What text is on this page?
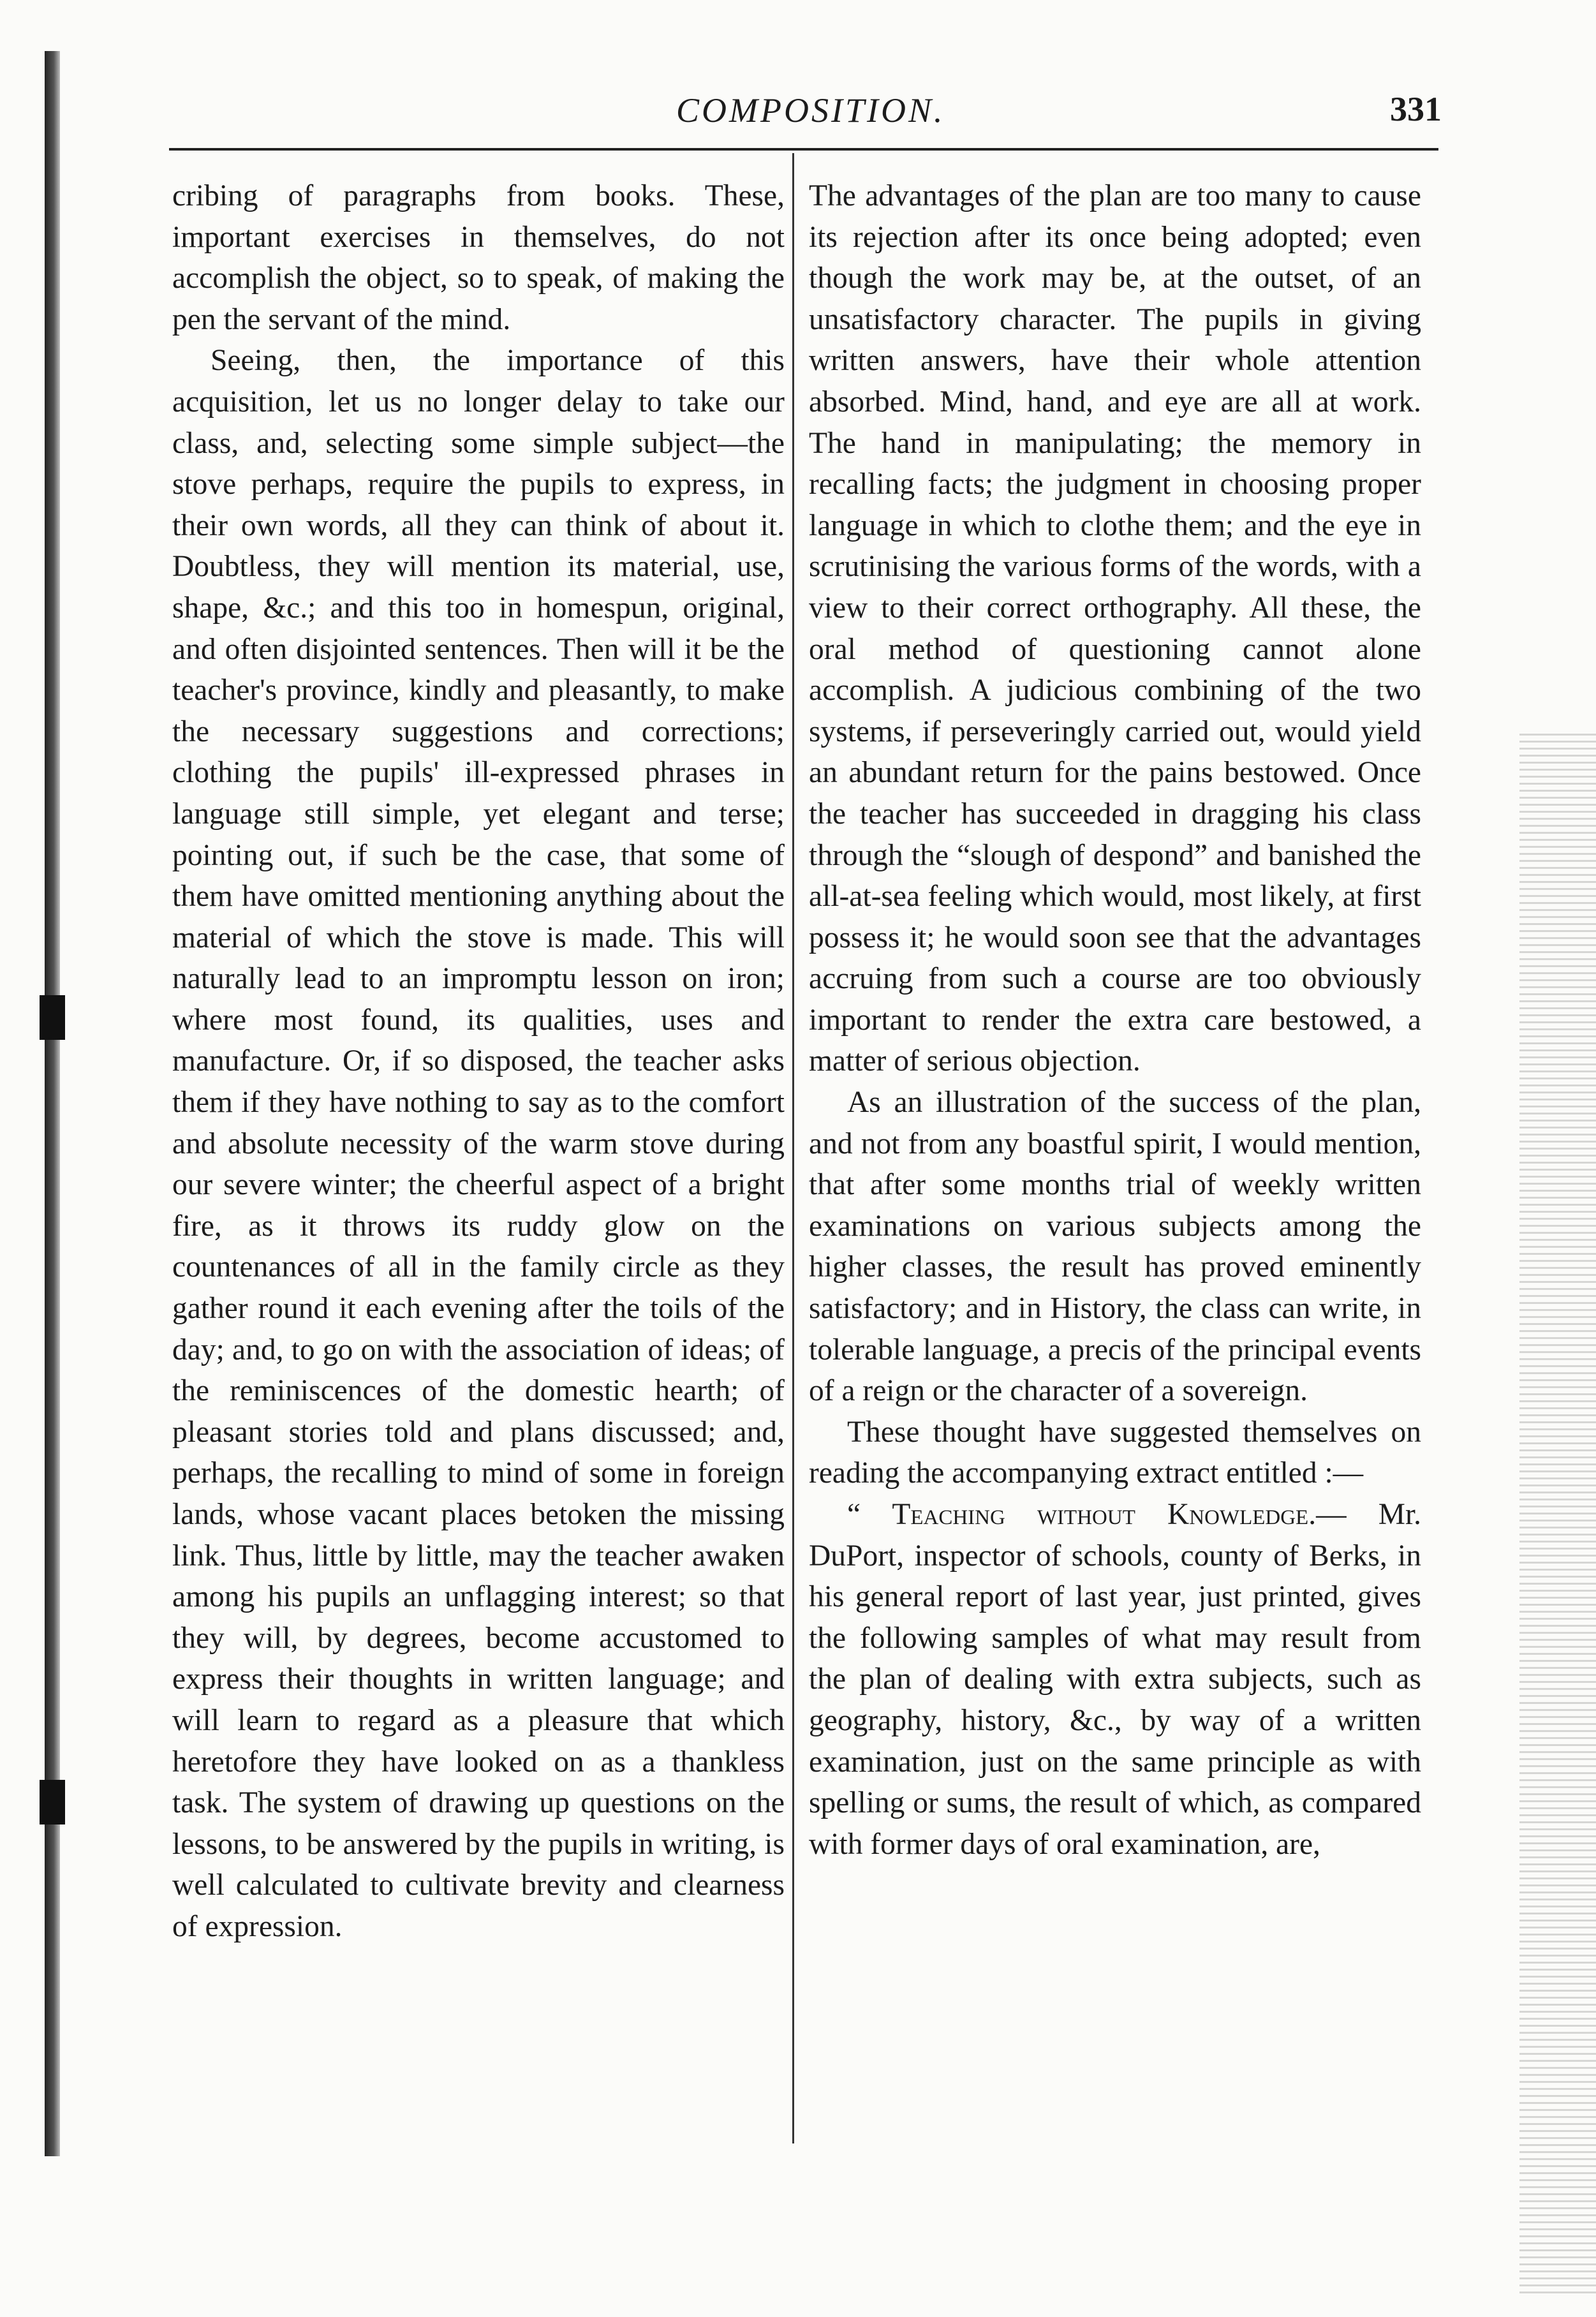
COMPOSITION.	331

cribing of paragraphs from books. These, important exercises in themselves, do not accomplish the object, so to speak, of making the pen the servant of the mind.

Seeing, then, the importance of this acquisition, let us no longer delay to take our class, and, selecting some simple subject—the stove perhaps, require the pupils to express, in their own words, all they can think of about it. Doubtless, they will mention its material, use, shape, &c.; and this too in homespun, original, and often disjointed sentences. Then will it be the teacher's province, kindly and pleasantly, to make the necessary suggestions and corrections; clothing the pupils' ill-expressed phrases in language still simple, yet elegant and terse; pointing out, if such be the case, that some of them have omitted mentioning anything about the material of which the stove is made. This will naturally lead to an impromptu lesson on iron; where most found, its qualities, uses and manufacture. Or, if so disposed, the teacher asks them if they have nothing to say as to the comfort and absolute necessity of the warm stove during our severe winter; the cheerful aspect of a bright fire, as it throws its ruddy glow on the countenances of all in the family circle as they gather round it each evening after the toils of the day; and, to go on with the association of ideas; of the reminiscences of the domestic hearth; of pleasant stories told and plans discussed; and, perhaps, the recalling to mind of some in foreign lands, whose vacant places betoken the missing link. Thus, little by little, may the teacher awaken among his pupils an unflagging interest; so that they will, by degrees, become accustomed to express their thoughts in written language; and will learn to regard as a pleasure that which heretofore they have looked on as a thankless task. The system of drawing up questions on the lessons, to be answered by the pupils in writing, is well calculated to cultivate brevity and clearness of expression.

The advantages of the plan are too many to cause its rejection after its once being adopted; even though the work may be, at the outset, of an unsatisfactory character. The pupils in giving written answers, have their whole attention absorbed. Mind, hand, and eye are all at work. The hand in manipulating; the memory in recalling facts; the judgment in choosing proper language in which to clothe them; and the eye in scrutinising the various forms of the words, with a view to their correct orthography. All these, the oral method of questioning cannot alone accomplish. A judicious combining of the two systems, if perseveringly carried out, would yield an abundant return for the pains bestowed. Once the teacher has succeeded in dragging his class through the “slough of despond” and banished the all-at-sea feeling which would, most likely, at first possess it; he would soon see that the advantages accruing from such a course are too obviously important to render the extra care bestowed, a matter of serious objection.

As an illustration of the success of the plan, and not from any boastful spirit, I would mention, that after some months trial of weekly written examinations on various subjects among the higher classes, the result has proved eminently satisfactory; and in History, the class can write, in tolerable language, a precis of the principal events of a reign or the character of a sovereign.

These thought have suggested themselves on reading the accompanying extract entitled :—

“ Teaching without Knowledge.— Mr. DuPort, inspector of schools, county of Berks, in his general report of last year, just printed, gives the following samples of what may result from the plan of dealing with extra subjects, such as geography, history, &c., by way of a written examination, just on the same principle as with spelling or sums, the result of which, as compared with former days of oral examination, are,
